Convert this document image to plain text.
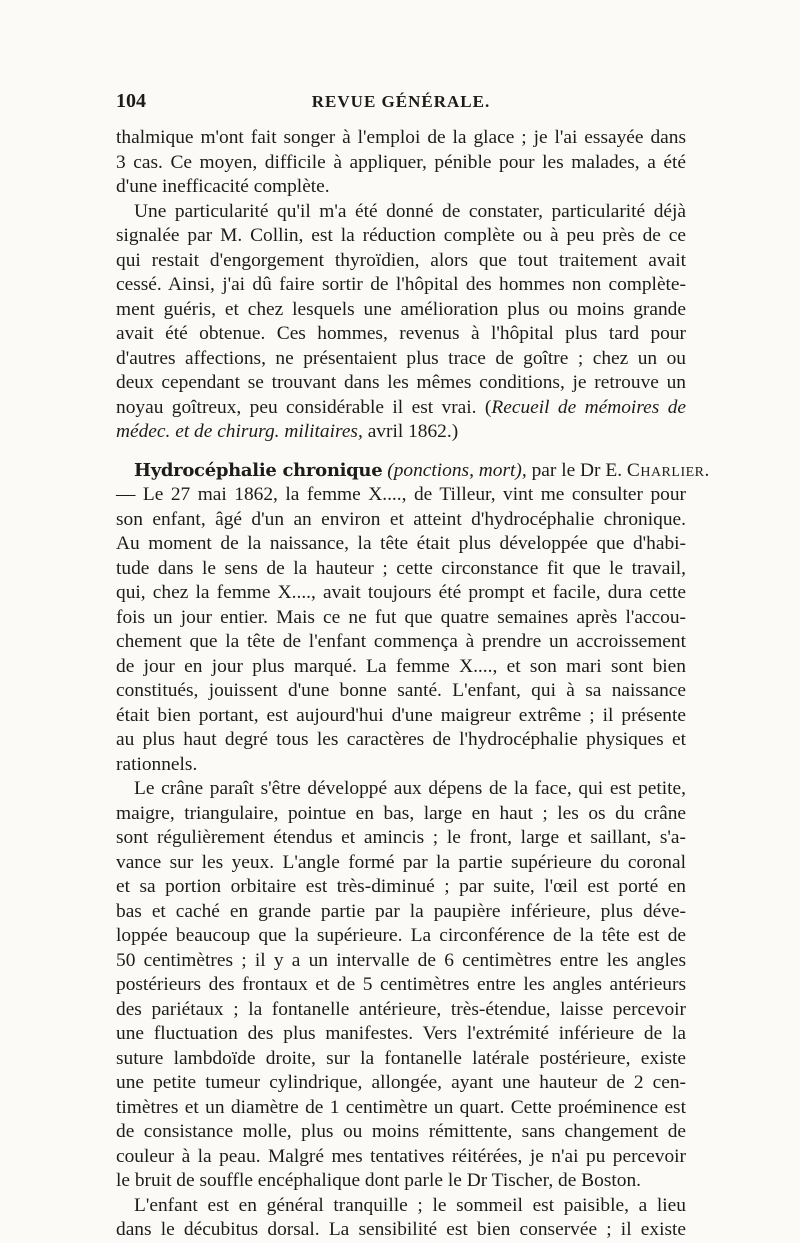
104	REVUE GÉNÉRALE.
thalmique m'ont fait songer à l'emploi de la glace ; je l'ai essayée dans
3 cas. Ce moyen, difficile à appliquer, pénible pour les malades, a été
d'une inefficacité complète.
Une particularité qu'il m'a été donné de constater, particularité déjà
signalée par M. Collin, est la réduction complète ou à peu près de ce
qui restait d'engorgement thyroïdien, alors que tout traitement avait
cessé. Ainsi, j'ai dû faire sortir de l'hôpital des hommes non complète-
ment guéris, et chez lesquels une amélioration plus ou moins grande
avait été obtenue. Ces hommes, revenus à l'hôpital plus tard pour
d'autres affections, ne présentaient plus trace de goître ; chez un ou
deux cependant se trouvant dans les mêmes conditions, je retrouve un
noyau goîtreux, peu considérable il est vrai. (Recueil de mémoires de
médec. et de chirurg. militaires, avril 1862.)
Hydrocéphalie chronique (ponctions, mort), par le Dr E. Charlier.
— Le 27 mai 1862, la femme X...., de Tilleur, vint me consulter pour
son enfant, âgé d'un an environ et atteint d'hydrocéphalie chronique.
Au moment de la naissance, la tête était plus développée que d'habi-
tude dans le sens de la hauteur ; cette circonstance fit que le travail,
qui, chez la femme X...., avait toujours été prompt et facile, dura cette
fois un jour entier. Mais ce ne fut que quatre semaines après l'accou-
chement que la tête de l'enfant commença à prendre un accroissement
de jour en jour plus marqué. La femme X...., et son mari sont bien
constitués, jouissent d'une bonne santé. L'enfant, qui à sa naissance
était bien portant, est aujourd'hui d'une maigreur extrême ; il présente
au plus haut degré tous les caractères de l'hydrocéphalie physiques et
rationnels.
Le crâne paraît s'être développé aux dépens de la face, qui est petite,
maigre, triangulaire, pointue en bas, large en haut ; les os du crâne
sont régulièrement étendus et amincis ; le front, large et saillant, s'a-
vance sur les yeux. L'angle formé par la partie supérieure du coronal
et sa portion orbitaire est très-diminué ; par suite, l'œil est porté en
bas et caché en grande partie par la paupière inférieure, plus déve-
loppée beaucoup que la supérieure. La circonférence de la tête est de
50 centimètres ; il y a un intervalle de 6 centimètres entre les angles
postérieurs des frontaux et de 5 centimètres entre les angles antérieurs
des pariétaux ; la fontanelle antérieure, très-étendue, laisse percevoir
une fluctuation des plus manifestes. Vers l'extrémité inférieure de la
suture lambdoïde droite, sur la fontanelle latérale postérieure, existe
une petite tumeur cylindrique, allongée, ayant une hauteur de 2 cen-
timètres et un diamètre de 1 centimètre un quart. Cette proéminence est
de consistance molle, plus ou moins rémittente, sans changement de
couleur à la peau. Malgré mes tentatives réitérées, je n'ai pu percevoir
le bruit de souffle encéphalique dont parle le Dr Tischer, de Boston.
L'enfant est en général tranquille ; le sommeil est paisible, a lieu
dans le décubitus dorsal. La sensibilité est bien conservée ; il existe
